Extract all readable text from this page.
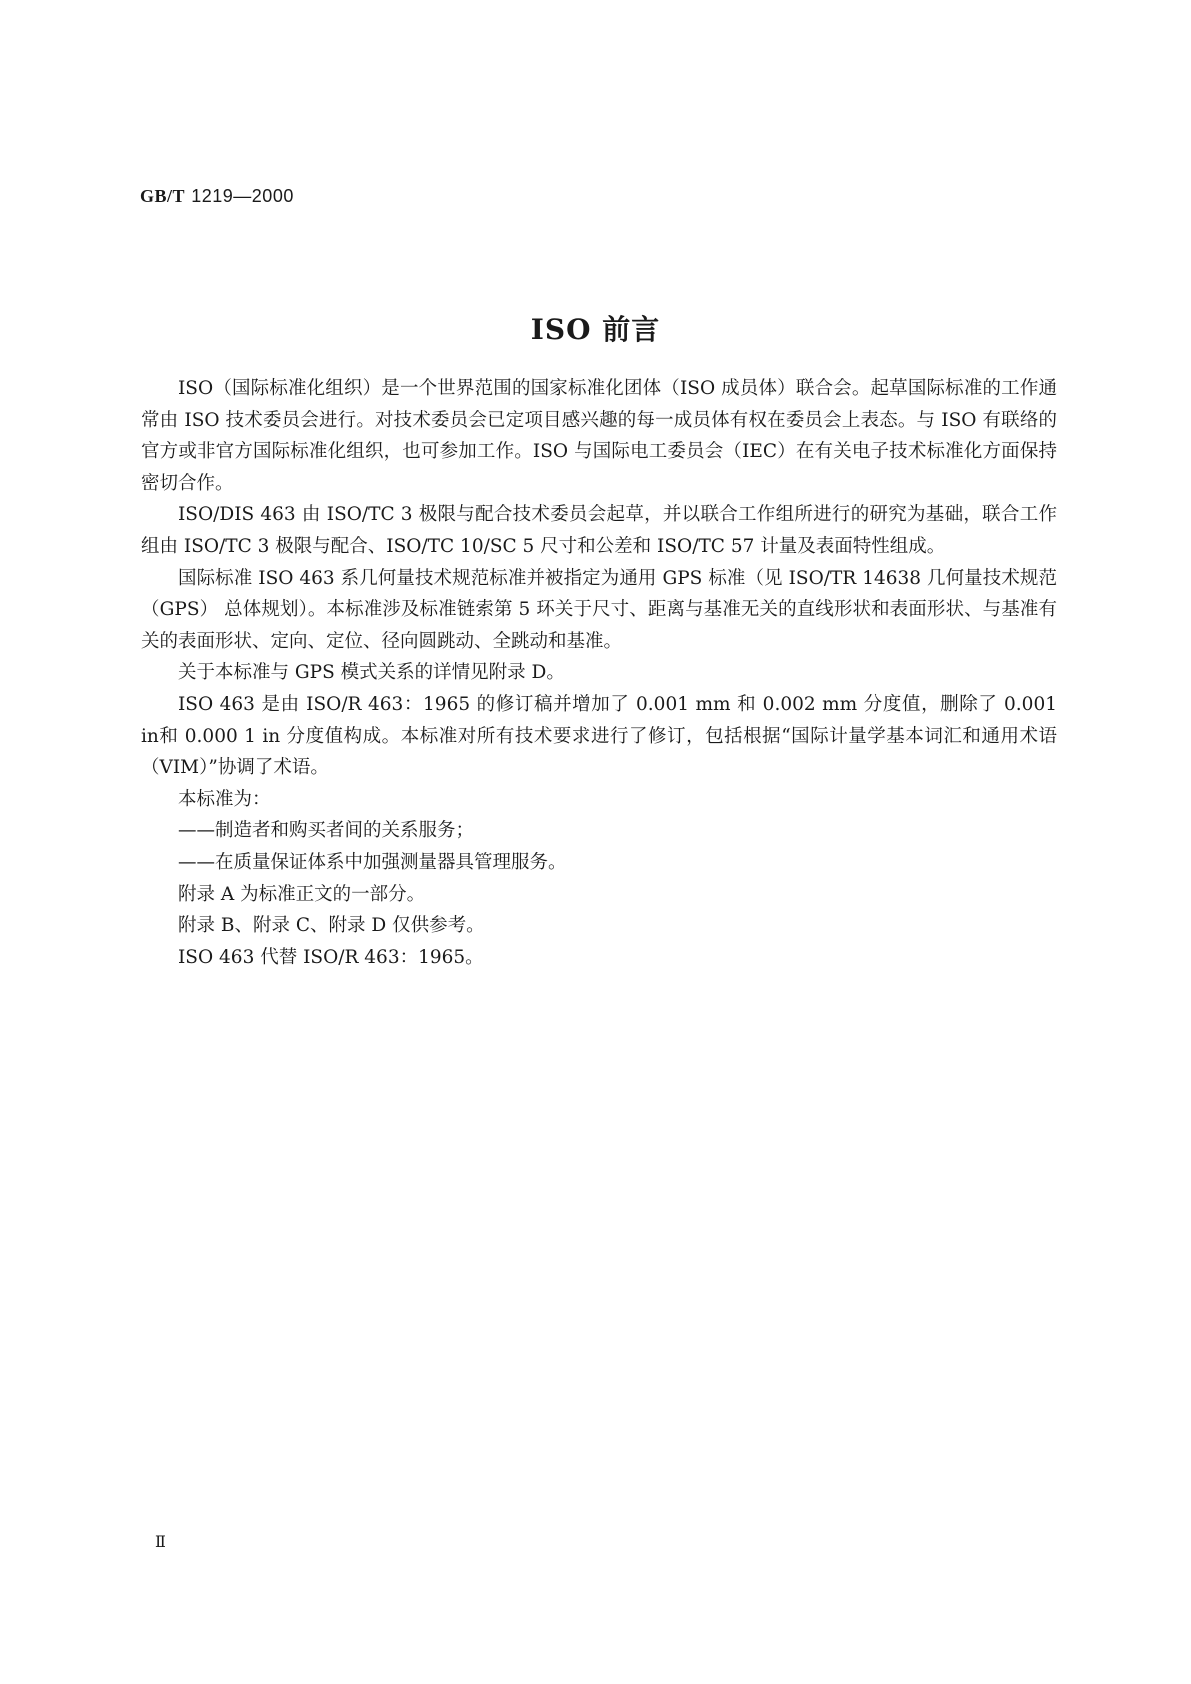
GB/T 1219—2000
ISO 前言

ISO（国际标准化组织）是一个世界范围的国家标准化团体（ISO 成员体）联合会。起草国际标准的工作通常由 ISO 技术委员会进行。对技术委员会已定项目感兴趣的每一成员体有权在委员会上表态。与 ISO 有联络的官方或非官方国际标准化组织，也可参加工作。ISO 与国际电工委员会（IEC）在有关电子技术标准化方面保持密切合作。

ISO/DIS 463 由 ISO/TC 3 极限与配合技术委员会起草，并以联合工作组所进行的研究为基础，联合工作组由 ISO/TC 3 极限与配合、ISO/TC 10/SC 5 尺寸和公差和 ISO/TC 57 计量及表面特性组成。

国际标准 ISO 463 系几何量技术规范标准并被指定为通用 GPS 标准（见 ISO/TR 14638 几何量技术规范（GPS） 总体规划）。本标准涉及标准链索第 5 环关于尺寸、距离与基准无关的直线形状和表面形状、与基准有关的表面形状、定向、定位、径向圆跳动、全跳动和基准。

关于本标准与 GPS 模式关系的详情见附录 D。

ISO 463 是由 ISO/R 463：1965 的修订稿并增加了 0.001 mm 和 0.002 mm 分度值，删除了 0.001 in和 0.000 1 in 分度值构成。本标准对所有技术要求进行了修订，包括根据“国际计量学基本词汇和通用术语（VIM）”协调了术语。

本标准为：

——制造者和购买者间的关系服务；

——在质量保证体系中加强测量器具管理服务。

附录 A 为标准正文的一部分。

附录 B、附录 C、附录 D 仅供参考。

ISO 463 代替 ISO/R 463：1965。

Ⅱ
